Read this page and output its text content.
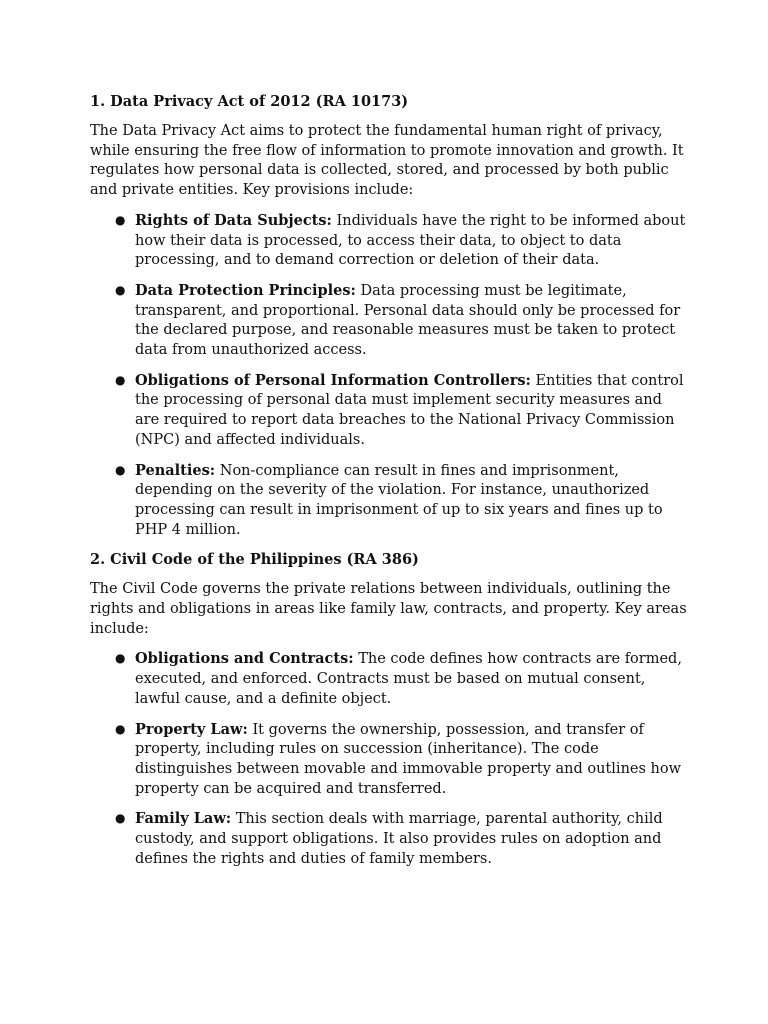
1. Data Privacy Act of 2012 (RA 10173)
The Data Privacy Act aims to protect the fundamental human right of privacy, while ensuring the free flow of information to promote innovation and growth. It regulates how personal data is collected, stored, and processed by both public and private entities. Key provisions include:
● Rights of Data Subjects: Individuals have the right to be informed about how their data is processed, to access their data, to object to data processing, and to demand correction or deletion of their data.
● Data Protection Principles: Data processing must be legitimate, transparent, and proportional. Personal data should only be processed for the declared purpose, and reasonable measures must be taken to protect data from unauthorized access.
● Obligations of Personal Information Controllers: Entities that control the processing of personal data must implement security measures and are required to report data breaches to the National Privacy Commission (NPC) and affected individuals.
● Penalties: Non-compliance can result in fines and imprisonment, depending on the severity of the violation. For instance, unauthorized processing can result in imprisonment of up to six years and fines up to PHP 4 million.
2. Civil Code of the Philippines (RA 386)
The Civil Code governs the private relations between individuals, outlining the rights and obligations in areas like family law, contracts, and property. Key areas include:
● Obligations and Contracts: The code defines how contracts are formed, executed, and enforced. Contracts must be based on mutual consent, lawful cause, and a definite object.
● Property Law: It governs the ownership, possession, and transfer of property, including rules on succession (inheritance). The code distinguishes between movable and immovable property and outlines how property can be acquired and transferred.
● Family Law: This section deals with marriage, parental authority, child custody, and support obligations. It also provides rules on adoption and defines the rights and duties of family members.
